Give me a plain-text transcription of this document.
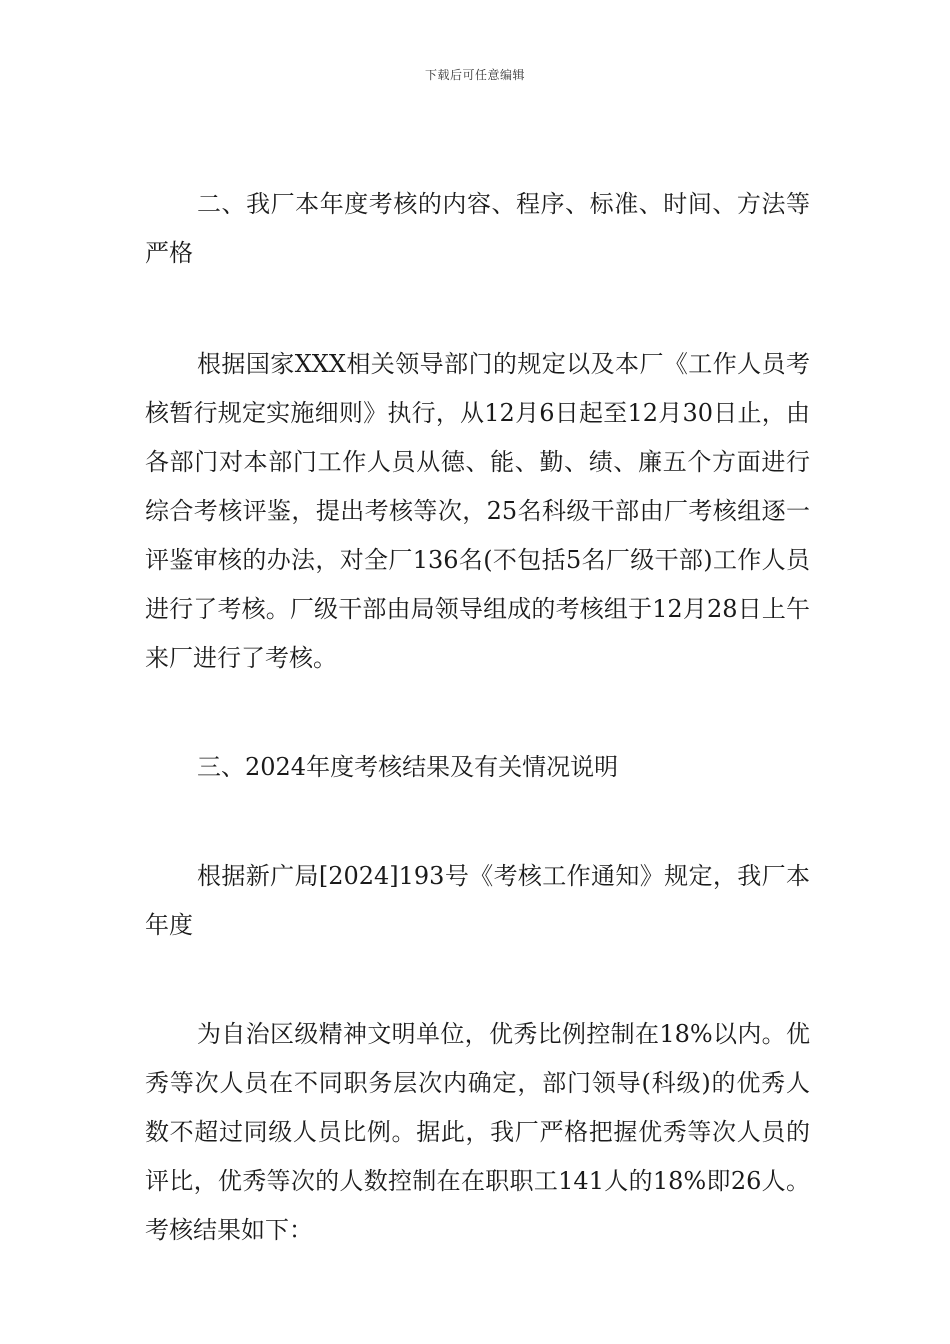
下载后可任意编辑

二、我厂本年度考核的内容、程序、标准、时间、方法等严格

根据国家XXX相关领导部门的规定以及本厂《工作人员考核暂行规定实施细则》执行，从12月6日起至12月30日止，由各部门对本部门工作人员从德、能、勤、绩、廉五个方面进行综合考核评鉴，提出考核等次，25名科级干部由厂考核组逐一评鉴审核的办法，对全厂136名(不包括5名厂级干部)工作人员进行了考核。厂级干部由局领导组成的考核组于12月28日上午来厂进行了考核。

三、2024年度考核结果及有关情况说明

根据新广局[2024]193号《考核工作通知》规定，我厂本年度

为自治区级精神文明单位，优秀比例控制在18%以内。优秀等次人员在不同职务层次内确定，部门领导(科级)的优秀人数不超过同级人员比例。据此，我厂严格把握优秀等次人员的评比，优秀等次的人数控制在在职职工141人的18%即26人。考核结果如下：
